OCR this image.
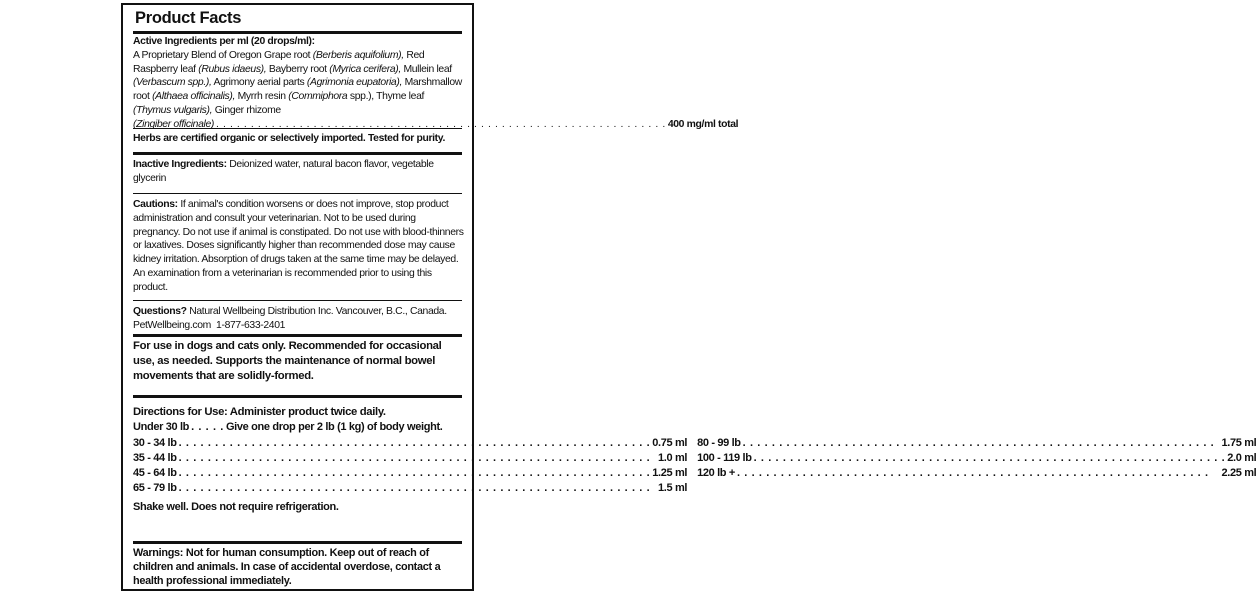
Product Facts
Active Ingredients per ml (20 drops/ml):
A Proprietary Blend of Oregon Grape root (Berberis aquifolium), Red Raspberry leaf (Rubus idaeus), Bayberry root (Myrica cerifera), Mullein leaf (Verbascum spp.), Agrimony aerial parts (Agrimonia eupatoria), Marshmallow root (Althaea officinalis), Myrrh resin (Commiphora spp.), Thyme leaf (Thymus vulgaris), Ginger rhizome
(Zingiber officinale) . . .	400 mg/ml total
Herbs are certified organic or selectively imported. Tested for purity.
Inactive Ingredients: Deionized water, natural bacon flavor, vegetable glycerin
Cautions: If animal's condition worsens or does not improve, stop product administration and consult your veterinarian. Not to be used during pregnancy. Do not use if animal is constipated. Do not use with blood-thinners or laxatives. Doses significantly higher than recommended dose may cause kidney irritation. Absorption of drugs taken at the same time may be delayed. An examination from a veterinarian is recommended prior to using this product.
Questions? Natural Wellbeing Distribution Inc. Vancouver, B.C., Canada.
PetWellbeing.com 1-877-633-2401
For use in dogs and cats only. Recommended for occasional use, as needed. Supports the maintenance of normal bowel movements that are solidly-formed.
Directions for Use: Administer product twice daily.
Under 30 lb . . . . . Give one drop per 2 lb (1 kg) of body weight.
30 - 34 lb . . .	0.75 ml
35 - 44 lb . . .	1.0 ml
45 - 64 lb . . .	1.25 ml
65 - 79 lb . . .	1.5 ml
80 - 99 lb . . .	1.75 ml
100 - 119 lb . . .	2.0 ml
120 lb + . . .	2.25 ml
Shake well. Does not require refrigeration.
Warnings: Not for human consumption. Keep out of reach of children and animals. In case of accidental overdose, contact a health professional immediately.
